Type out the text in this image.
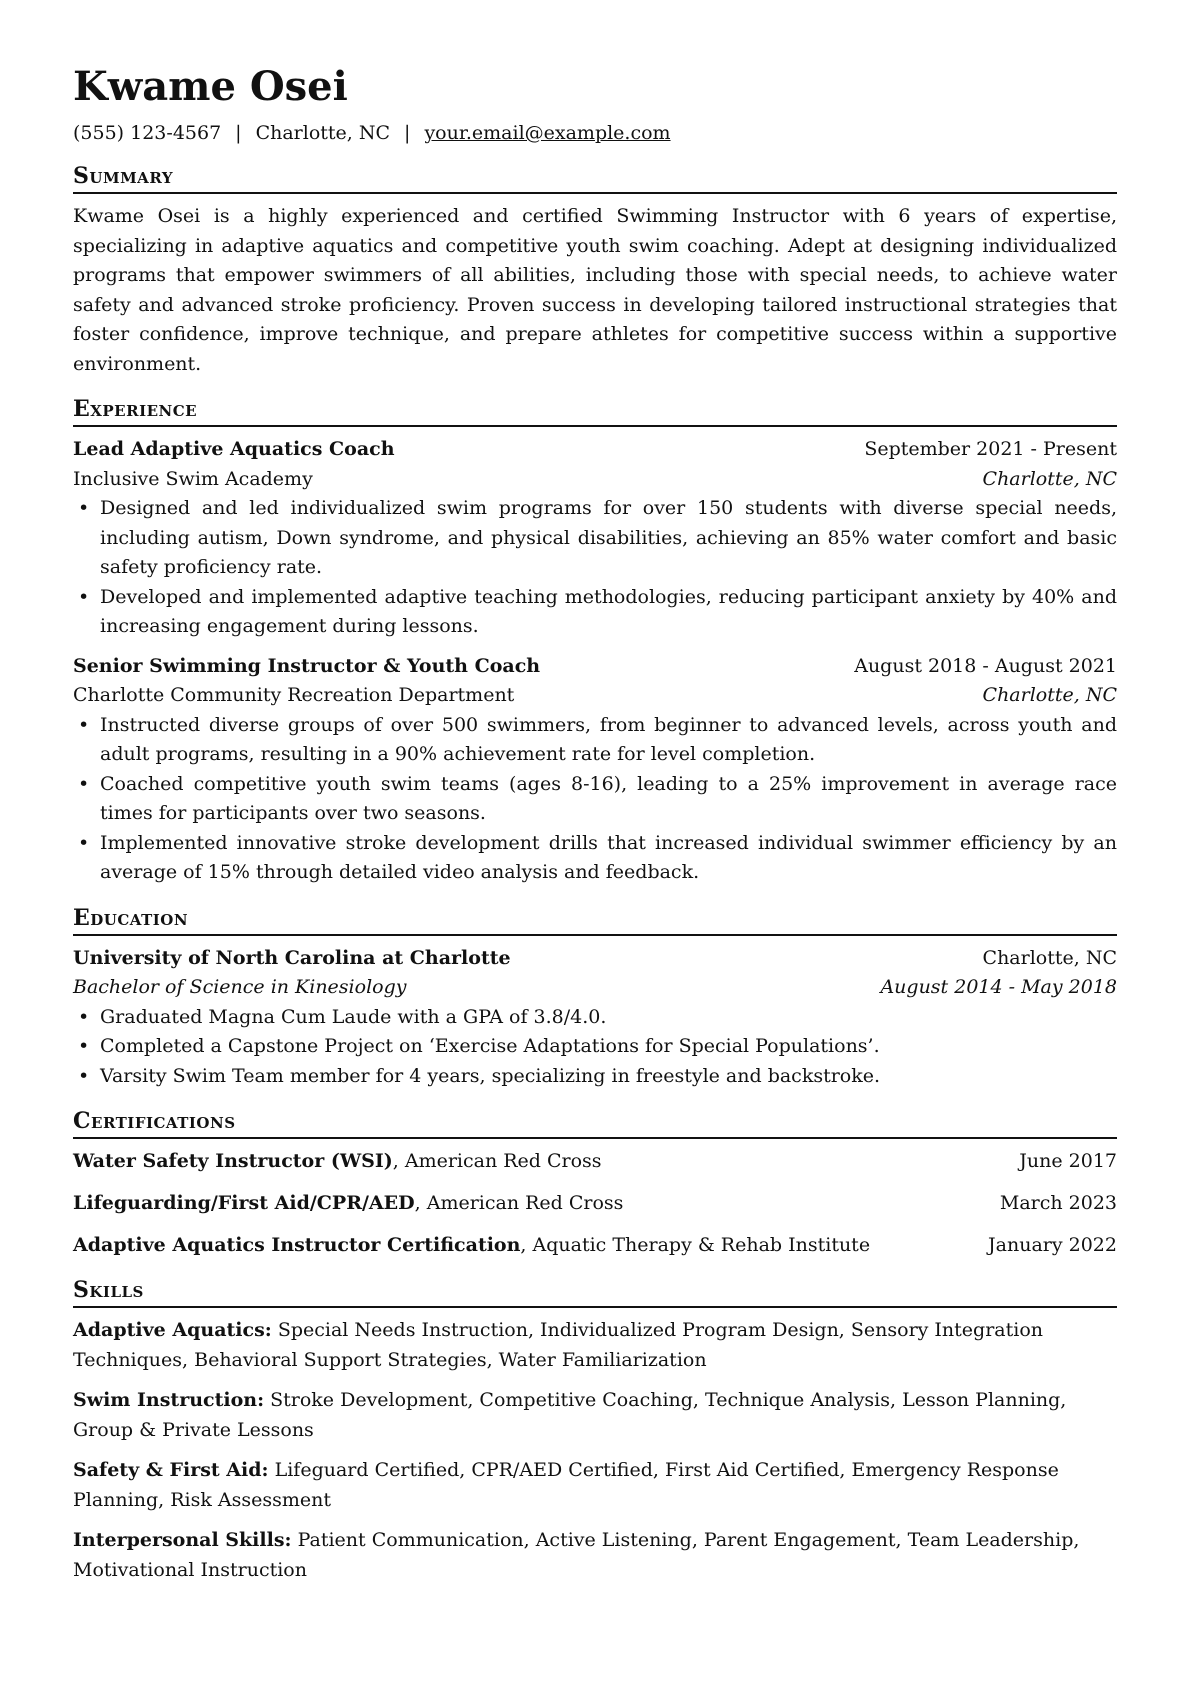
Kwame Osei
(555) 123-4567 | Charlotte, NC | your.email@example.com
Summary

Kwame Osei is a highly experienced and certified Swimming Instructor with 6 years of expertise, specializing in adaptive aquatics and competitive youth swim coaching. Adept at designing individualized programs that empower swimmers of all abilities, including those with special needs, to achieve water safety and advanced stroke proficiency. Proven success in developing tailored instructional strategies that foster confidence, improve technique, and prepare athletes for competitive success within a supportive environment.

Experience
Lead Adaptive Aquatics Coach	September 2021 - Present
Inclusive Swim Academy	Charlotte, NC
• Designed and led individualized swim programs for over 150 students with diverse special needs, including autism, Down syndrome, and physical disabilities, achieving an 85% water comfort and basic safety proficiency rate.
• Developed and implemented adaptive teaching methodologies, reducing participant anxiety by 40% and increasing engagement during lessons.
Senior Swimming Instructor & Youth Coach	August 2018 - August 2021
Charlotte Community Recreation Department	Charlotte, NC
• Instructed diverse groups of over 500 swimmers, from beginner to advanced levels, across youth and adult programs, resulting in a 90% achievement rate for level completion.
• Coached competitive youth swim teams (ages 8-16), leading to a 25% improvement in average race times for participants over two seasons.
• Implemented innovative stroke development drills that increased individual swimmer efficiency by an average of 15% through detailed video analysis and feedback.
Education
University of North Carolina at Charlotte	Charlotte, NC
Bachelor of Science in Kinesiology	August 2014 - May 2018
• Graduated Magna Cum Laude with a GPA of 3.8/4.0.
• Completed a Capstone Project on ‘Exercise Adaptations for Special Populations’.
• Varsity Swim Team member for 4 years, specializing in freestyle and backstroke.
Certifications
Water Safety Instructor (WSI), American Red Cross	June 2017
Lifeguarding/First Aid/CPR/AED, American Red Cross	March 2023
Adaptive Aquatics Instructor Certification, Aquatic Therapy & Rehab Institute	January 2022
Skills
Adaptive Aquatics: Special Needs Instruction, Individualized Program Design, Sensory Integration Techniques, Behavioral Support Strategies, Water Familiarization
Swim Instruction: Stroke Development, Competitive Coaching, Technique Analysis, Lesson Planning, Group & Private Lessons
Safety & First Aid: Lifeguard Certified, CPR/AED Certified, First Aid Certified, Emergency Response Planning, Risk Assessment
Interpersonal Skills: Patient Communication, Active Listening, Parent Engagement, Team Leadership, Motivational Instruction
